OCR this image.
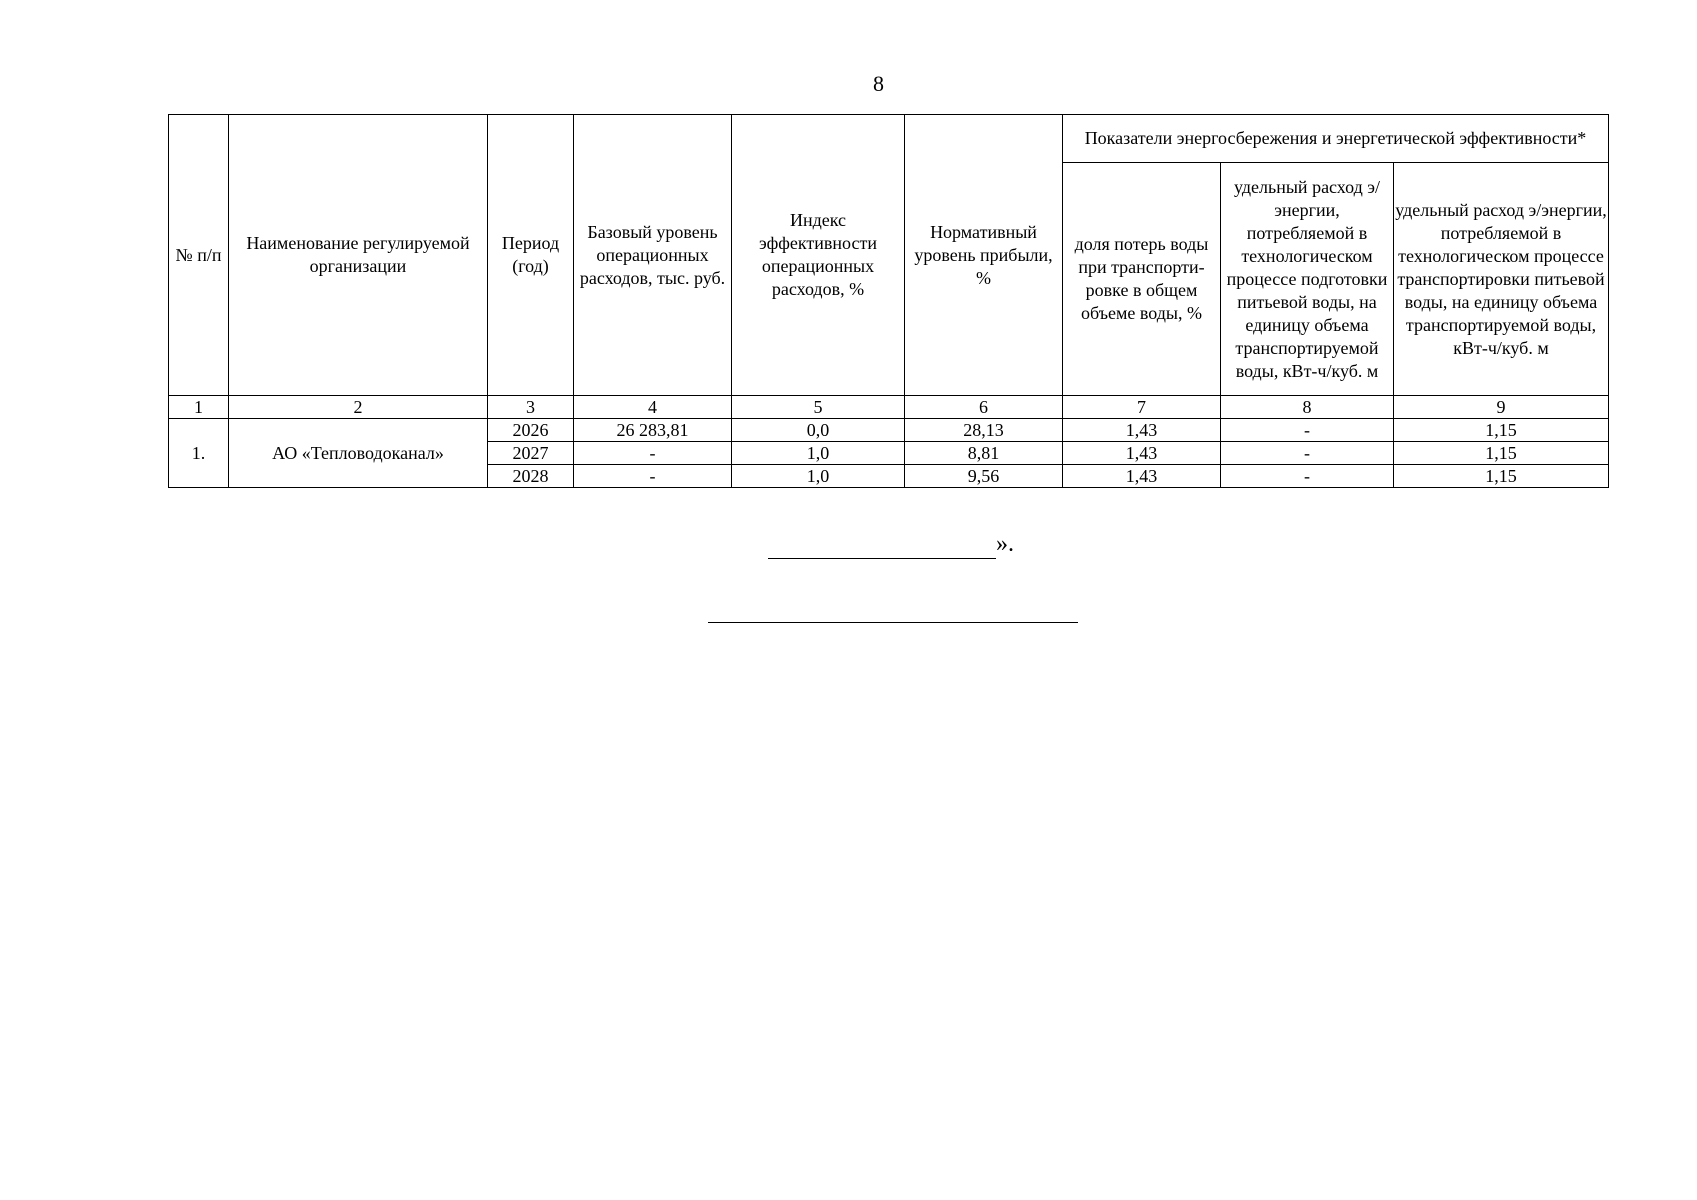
8
№ п/п	Наименование регулируемой организации	Период (год)	Базовый уровень операционных расходов, тыс. руб.	Индекс эффективности операционных расходов, %	Нормативный уровень прибыли, %	Показатели энергосбережения и энергетической эффективности*		
						доля потерь воды при транспорти-ровке в общем объеме воды, %	удельный расход э/энергии, потребляемой в технологическом процессе подготовки питьевой воды, на единицу объема транспортируемой воды, кВт-ч/куб. м	удельный расход э/энергии, потребляемой в технологическом процессе транспортировки питьевой воды, на единицу объема транспортируемой воды, кВт-ч/куб. м
1	2	3	4	5	6	7	8	9
1.	АО «Тепловодоканал»	2026	26 283,81	0,0	28,13	1,43	-	1,15
		2027	-	1,0	8,81	1,43	-	1,15
		2028	-	1,0	9,56	1,43	-	1,15
».
